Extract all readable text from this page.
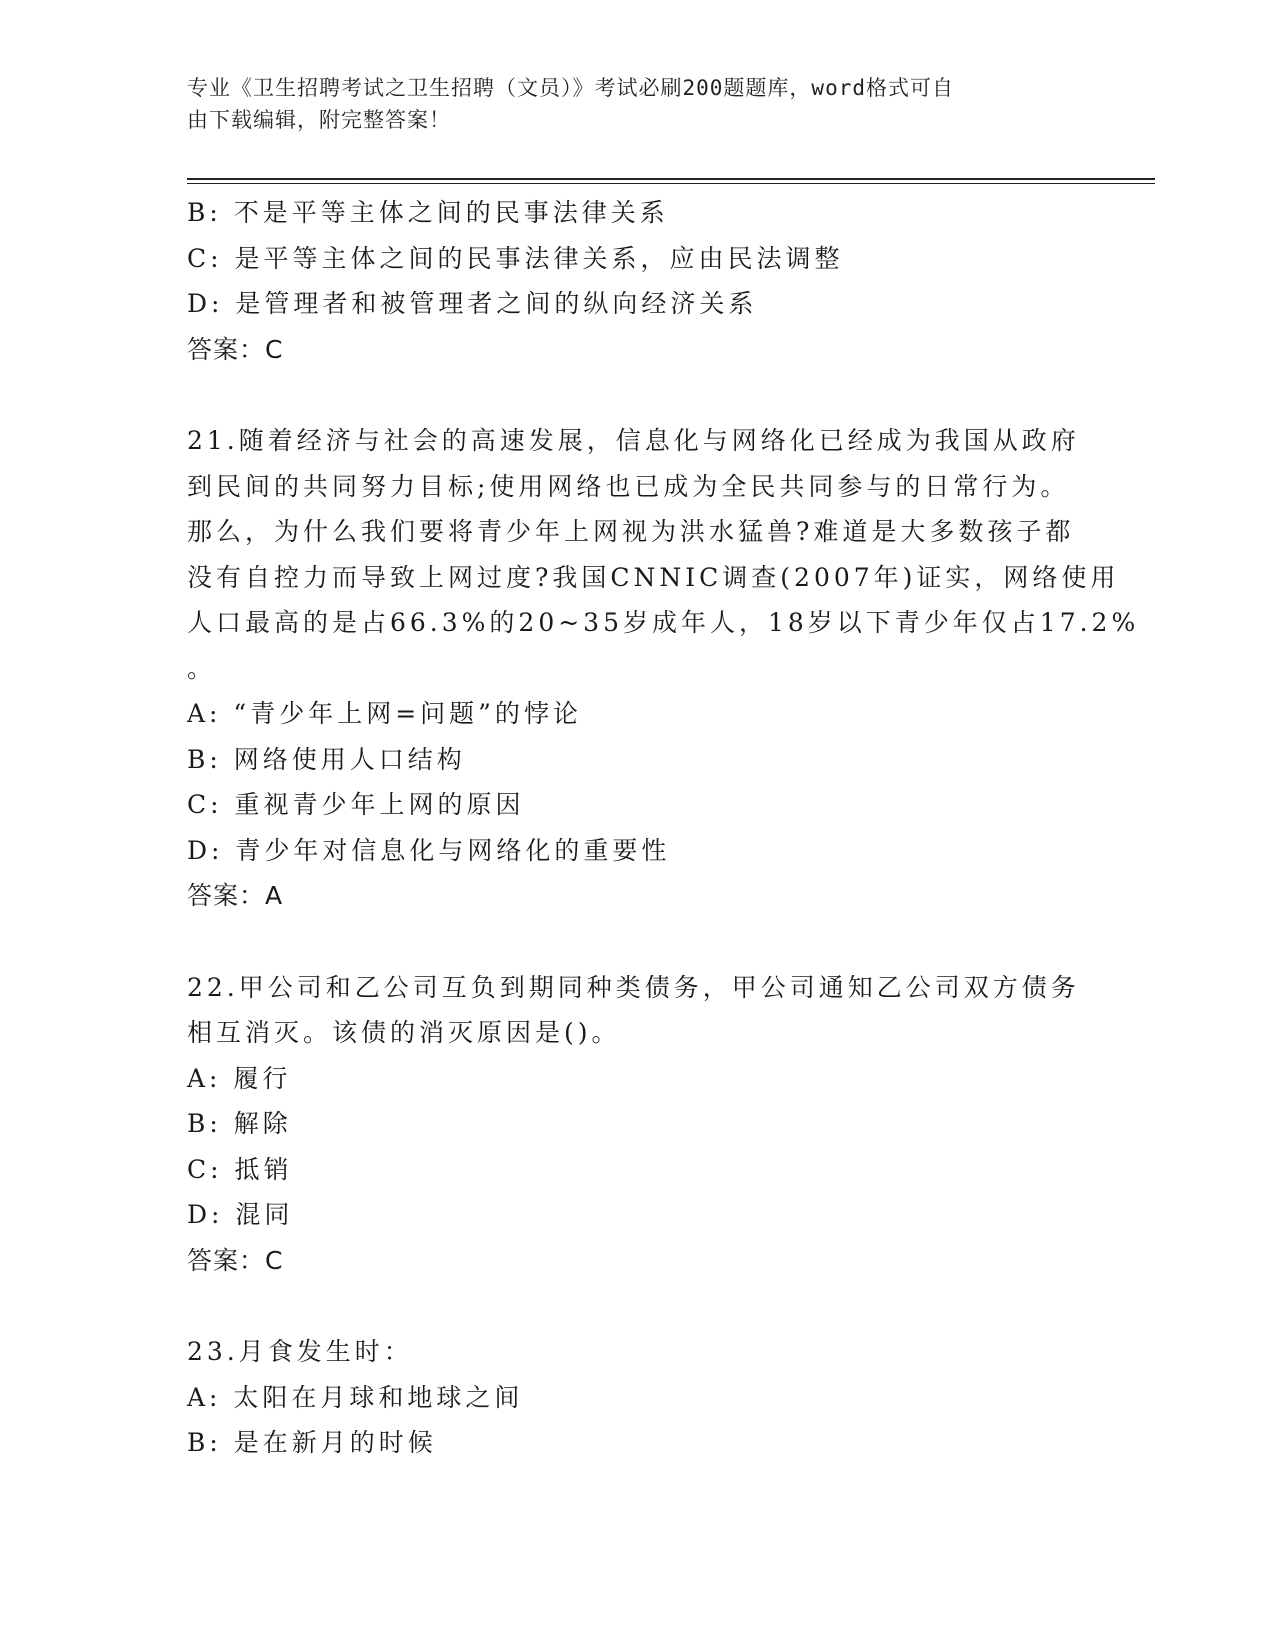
专业《卫生招聘考试之卫生招聘（文员）》考试必刷200题题库，word格式可自
由下载编辑，附完整答案！
B: 不是平等主体之间的民事法律关系
C: 是平等主体之间的民事法律关系，应由民法调整
D: 是管理者和被管理者之间的纵向经济关系
答案：C
21.随着经济与社会的高速发展，信息化与网络化已经成为我国从政府
到民间的共同努力目标;使用网络也已成为全民共同参与的日常行为。
那么，为什么我们要将青少年上网视为洪水猛兽?难道是大多数孩子都
没有自控力而导致上网过度?我国CNNIC调查(2007年)证实，网络使用
人口最高的是占66.3%的20~35岁成年人，18岁以下青少年仅占17.2%
。
A: “青少年上网=问题”的悖论
B: 网络使用人口结构
C: 重视青少年上网的原因
D: 青少年对信息化与网络化的重要性
答案：A
22.甲公司和乙公司互负到期同种类债务，甲公司通知乙公司双方债务
相互消灭。该债的消灭原因是()。
A: 履行
B: 解除
C: 抵销
D: 混同
答案：C
23.月食发生时：
A: 太阳在月球和地球之间
B: 是在新月的时候
